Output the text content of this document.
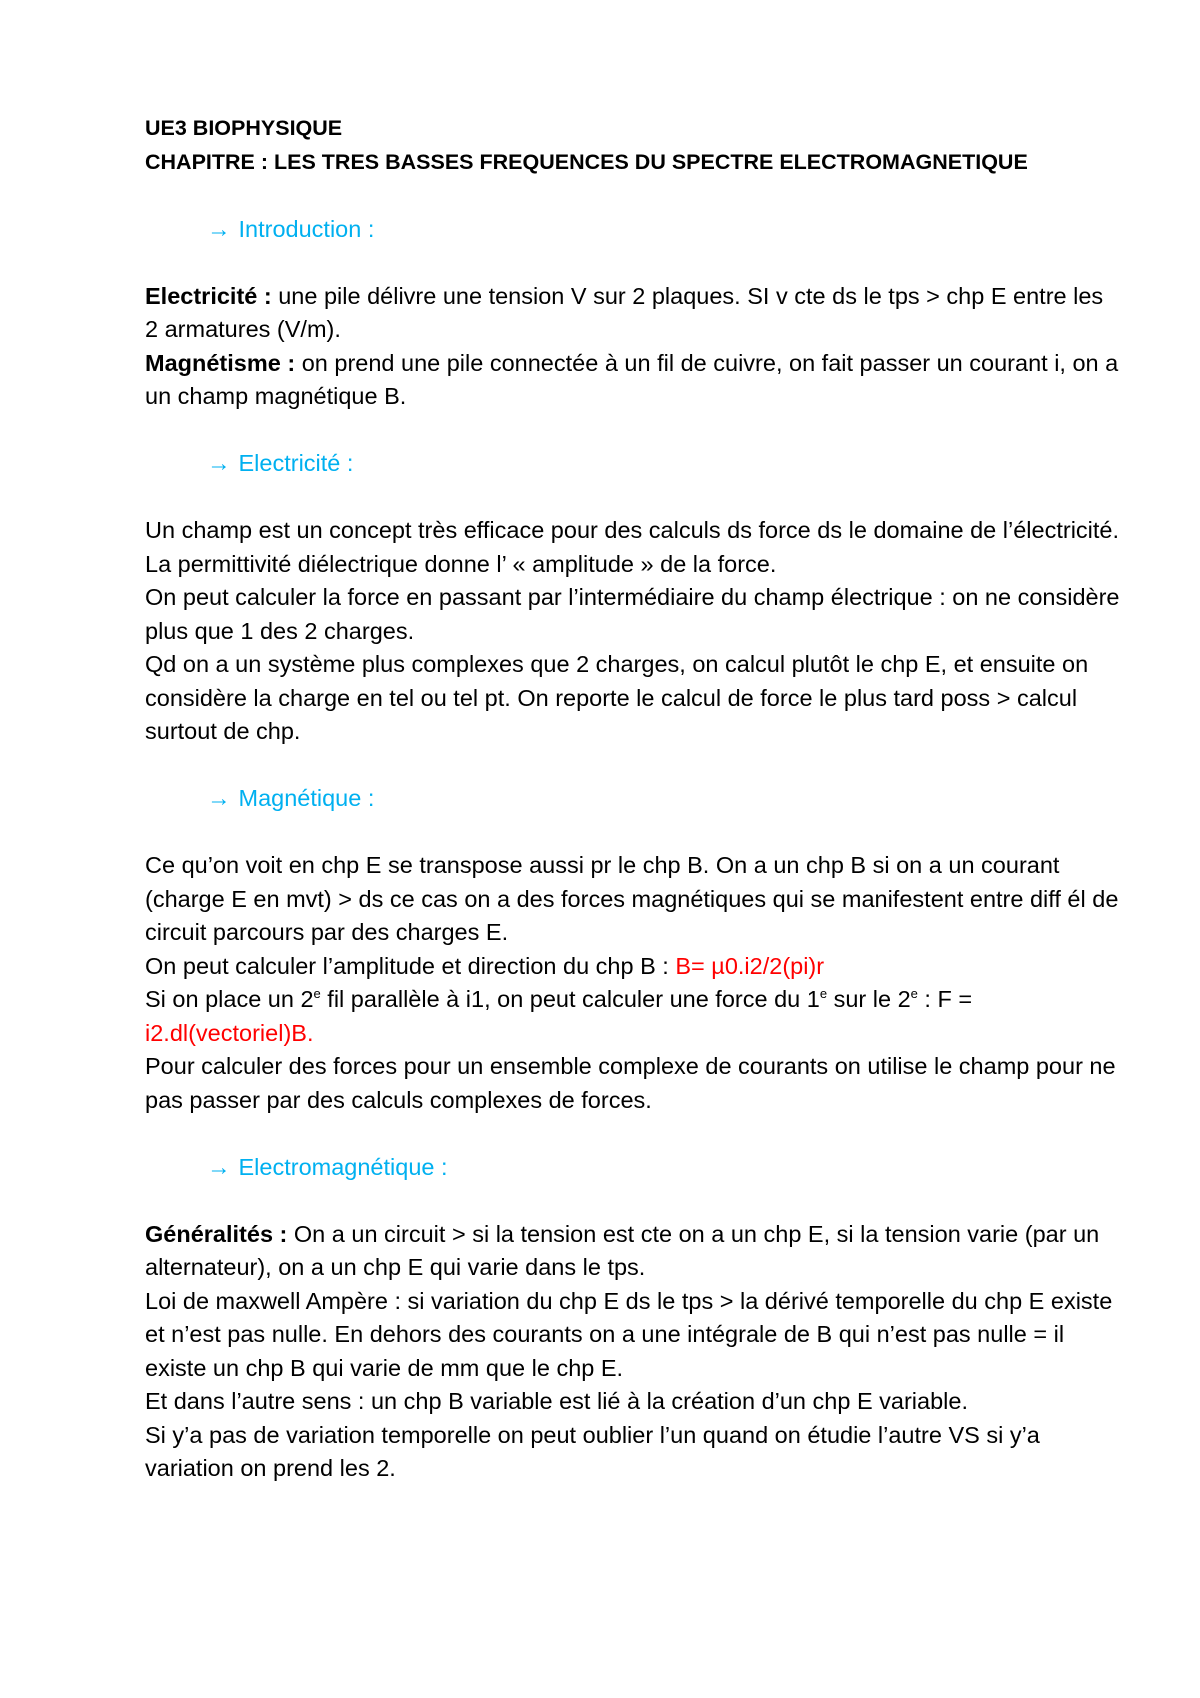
UE3 BIOPHYSIQUE
CHAPITRE : LES TRES BASSES FREQUENCES DU SPECTRE ELECTROMAGNETIQUE
→ Introduction :

Electricité : une pile délivre une tension V sur 2 plaques. SI v cte ds le tps > chp E entre les 2 armatures (V/m).

Magnétisme : on prend une pile connectée à un fil de cuivre, on fait passer un courant i, on a un champ magnétique B.

→ Electricité :

Un champ est un concept très efficace pour des calculs ds force ds le domaine de l’électricité.

La permittivité diélectrique donne l’ « amplitude » de la force.

On peut calculer la force en passant par l’intermédiaire du champ électrique : on ne considère plus que 1 des 2 charges.

Qd on a un système plus complexes que 2 charges, on calcul plutôt le chp E, et ensuite on considère la charge en tel ou tel pt. On reporte le calcul de force le plus tard poss > calcul surtout de chp.

→ Magnétique :

Ce qu’on voit en chp E se transpose aussi pr le chp B. On a un chp B si on a un courant (charge E en mvt) > ds ce cas on a des forces magnétiques qui se manifestent entre diff él de circuit parcours par des charges E.

On peut calculer l’amplitude et direction du chp B : B= µ0.i2/2(pi)r

Si on place un 2e fil parallèle à i1, on peut calculer une force du 1e sur le 2e : F = i2.dl(vectoriel)B.

Pour calculer des forces pour un ensemble complexe de courants on utilise le champ pour ne pas passer par des calculs complexes de forces.

→ Electromagnétique :

Généralités : On a un circuit > si la tension est cte on a un chp E, si la tension varie (par un alternateur), on a un chp E qui varie dans le tps.

Loi de maxwell Ampère : si variation du chp E ds le tps > la dérivé temporelle du chp E existe et n’est pas nulle. En dehors des courants on a une intégrale de B qui n’est pas nulle = il existe un chp B qui varie de mm que le chp E.

Et dans l’autre sens : un chp B variable est lié à la création d’un chp E variable.

Si y’a pas de variation temporelle on peut oublier l’un quand on étudie l’autre VS si y’a variation on prend les 2.
